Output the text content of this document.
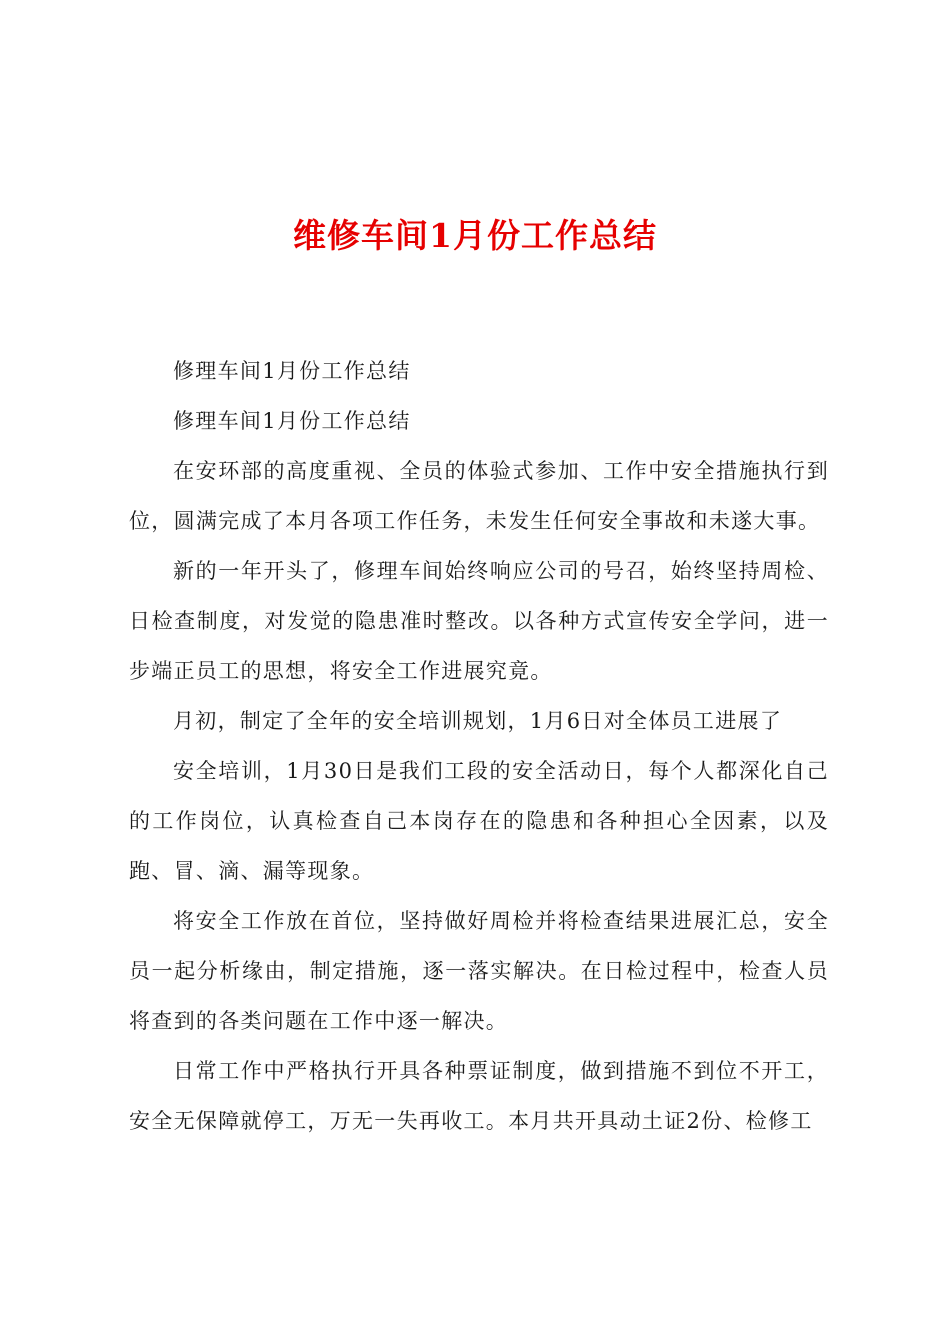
维修车间1月份工作总结

修理车间1月份工作总结

修理车间1月份工作总结

在安环部的高度重视、全员的体验式参加、工作中安全措施执行到位，圆满完成了本月各项工作任务，未发生任何安全事故和未遂大事。

新的一年开头了，修理车间始终响应公司的号召，始终坚持周检、日检查制度，对发觉的隐患准时整改。以各种方式宣传安全学问，进一步端正员工的思想，将安全工作进展究竟。

月初，制定了全年的安全培训规划，1月6日对全体员工进展了

安全培训，1月30日是我们工段的安全活动日，每个人都深化自己的工作岗位，认真检查自己本岗存在的隐患和各种担心全因素，以及跑、冒、滴、漏等现象。

将安全工作放在首位，坚持做好周检并将检查结果进展汇总，安全员一起分析缘由，制定措施，逐一落实解决。在日检过程中，检查人员将查到的各类问题在工作中逐一解决。

日常工作中严格执行开具各种票证制度，做到措施不到位不开工，安全无保障就停工，万无一失再收工。本月共开具动土证2份、检修工
